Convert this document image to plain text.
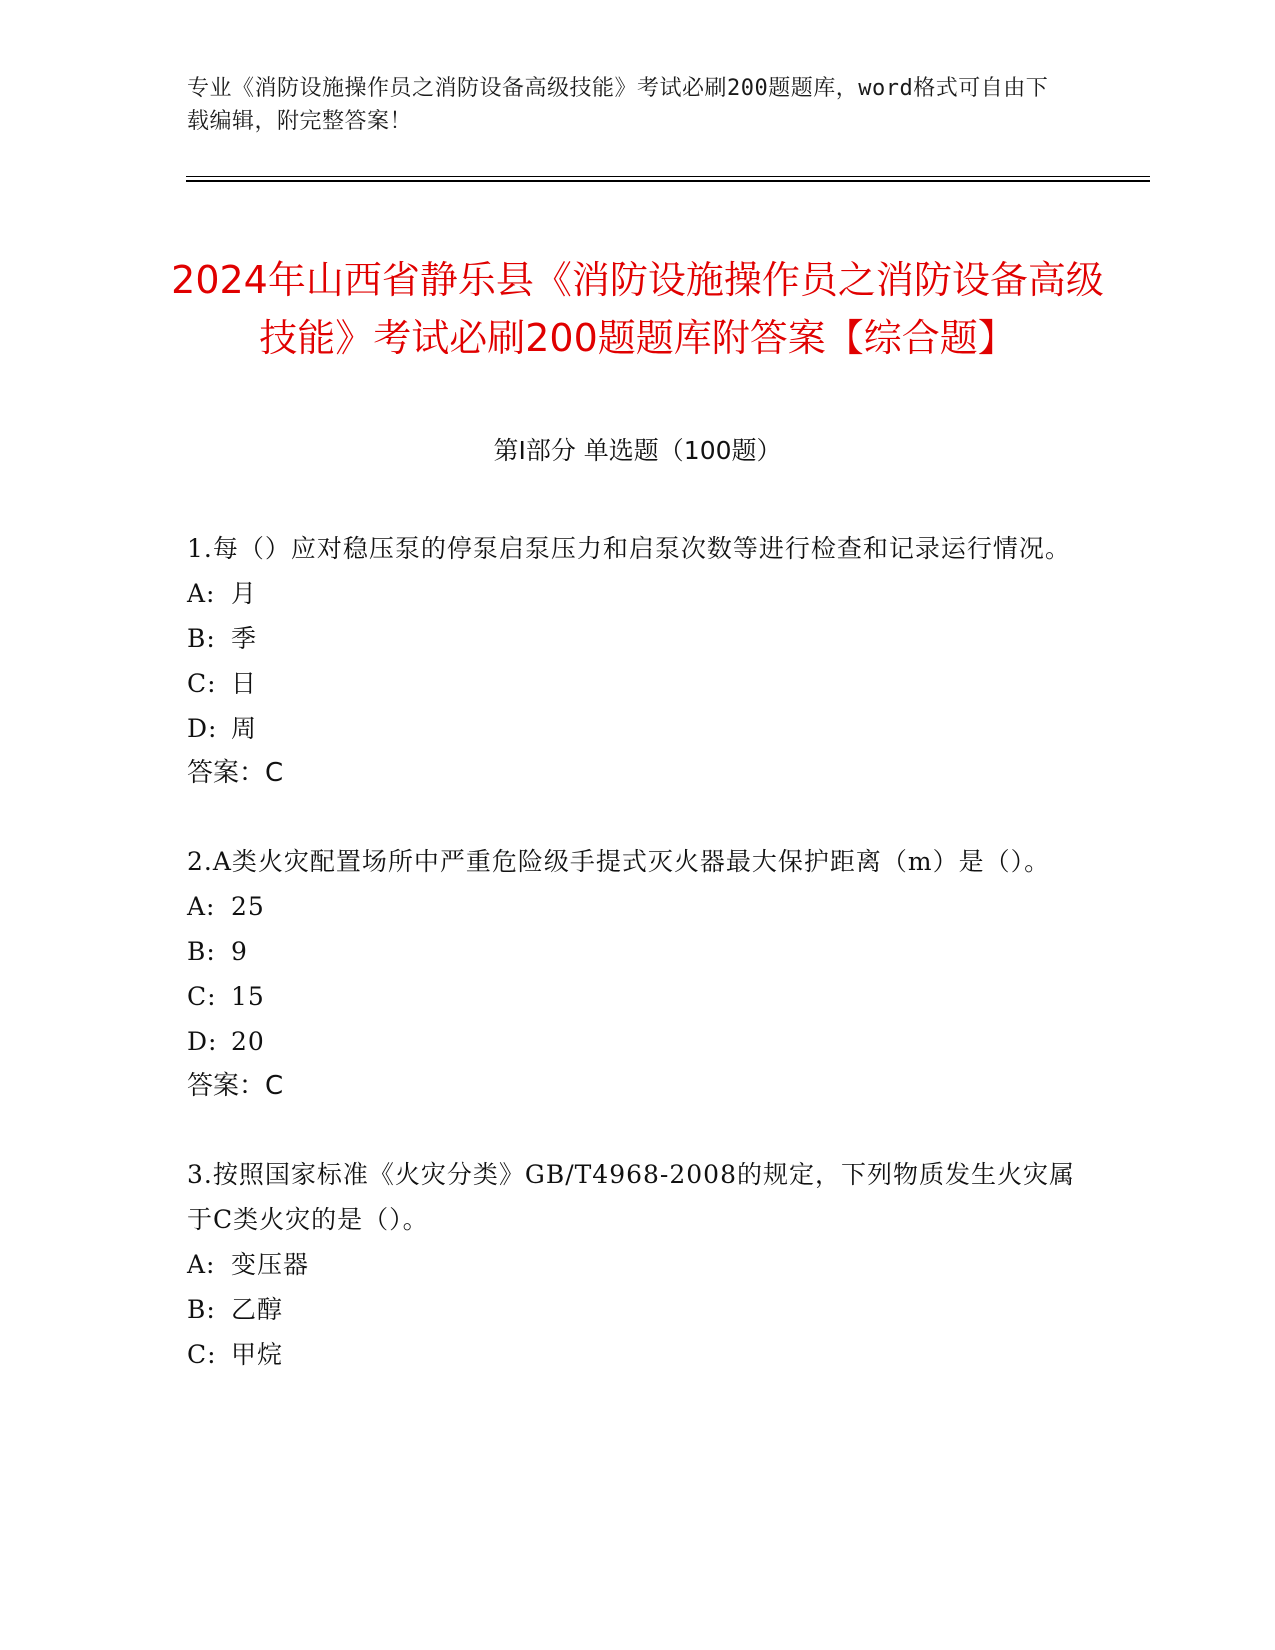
专业《消防设施操作员之消防设备高级技能》考试必刷200题题库，word格式可自由下载编辑，附完整答案！
2024年山西省静乐县《消防设施操作员之消防设备高级技能》考试必刷200题题库附答案【综合题】
第I部分 单选题（100题）
1.每（）应对稳压泵的停泵启泵压力和启泵次数等进行检查和记录运行情况。
A: 月
B: 季
C: 日
D: 周
答案：C
2.A类火灾配置场所中严重危险级手提式灭火器最大保护距离（m）是（）。
A: 25
B: 9
C: 15
D: 20
答案：C
3.按照国家标准《火灾分类》GB/T4968-2008的规定，下列物质发生火灾属于C类火灾的是（）。
A: 变压器
B: 乙醇
C: 甲烷
